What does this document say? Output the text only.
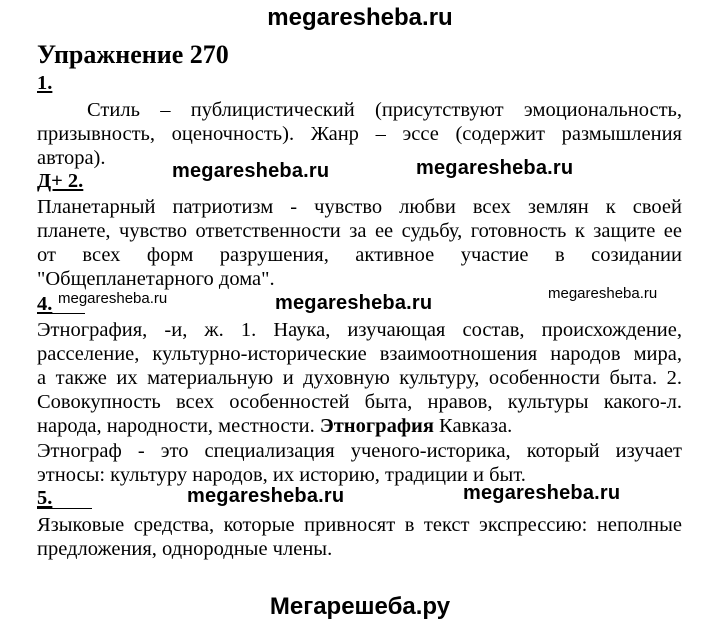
megaresheba.ru
Упражнение 270
1.
Стиль – публицистический (присутствуют эмоциональность,
призывность, оценочность). Жанр – эссе (содержит размышления
автора).
Д+ 2.
Планетарный патриотизм - чувство любви всех землян к своей
планете, чувство ответственности за ее судьбу, готовность к защите ее
от всех форм разрушения, активное участие в созидании
"Общепланетарного дома".
4.
Этнография, -и, ж. 1. Наука, изучающая состав, происхождение,
расселение, культурно-исторические взаимоотношения народов мира,
а также их материальную и духовную культуру, особенности быта. 2.
Совокупность всех особенностей быта, нравов, культуры какого-л.
народа, народности, местности. Этнография Кавказа.
Этнограф - это специализация ученого-историка, который изучает
этносы: культуру народов, их историю, традиции и быт.
5.
Языковые средства, которые привносят в текст экспрессию: неполные
предложения, однородные члены.
megaresheba.ru	megaresheba.ru
megaresheba.ru	megaresheba.ru	megaresheba.ru
megaresheba.ru	megaresheba.ru
Мегарешеба.ру
